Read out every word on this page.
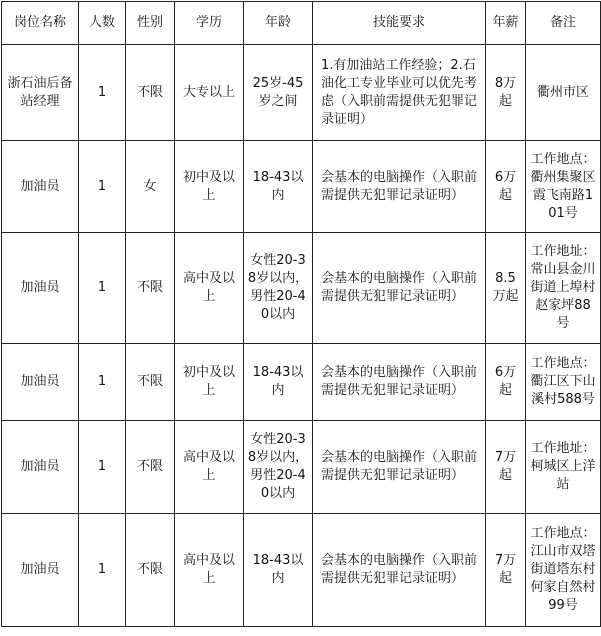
岗位名称	人数	性别	学历	年龄	技能要求	年薪	备注
浙石油后备站经理	1	不限	大专以上	25岁-45岁之间	1.有加油站工作经验；2.石油化工专业毕业可以优先考虑（入职前需提供无犯罪记录证明）	8万起	衢州市区
加油员	1	女	初中及以上	18-43以内	会基本的电脑操作（入职前需提供无犯罪记录证明）	6万起	工作地点：衢州集聚区霞飞南路101号
加油员	1	不限	高中及以上	女性20-38岁以内，男性20-40以内	会基本的电脑操作（入职前需提供无犯罪记录证明）	8.5万起	工作地址：常山县金川街道上埠村赵家坪88号
加油员	1	不限	初中及以上	18-43以内	会基本的电脑操作（入职前需提供无犯罪记录证明）	6万起	工作地点：衢江区下山溪村588号
加油员	1	不限	高中及以上	女性20-38岁以内，男性20-40以内	会基本的电脑操作（入职前需提供无犯罪记录证明）	7万起	工作地址：柯城区上洋站
加油员	1	不限	高中及以上	18-43以内	会基本的电脑操作（入职前需提供无犯罪记录证明）	7万起	工作地点：江山市双塔街道塔东村何家自然村99号
